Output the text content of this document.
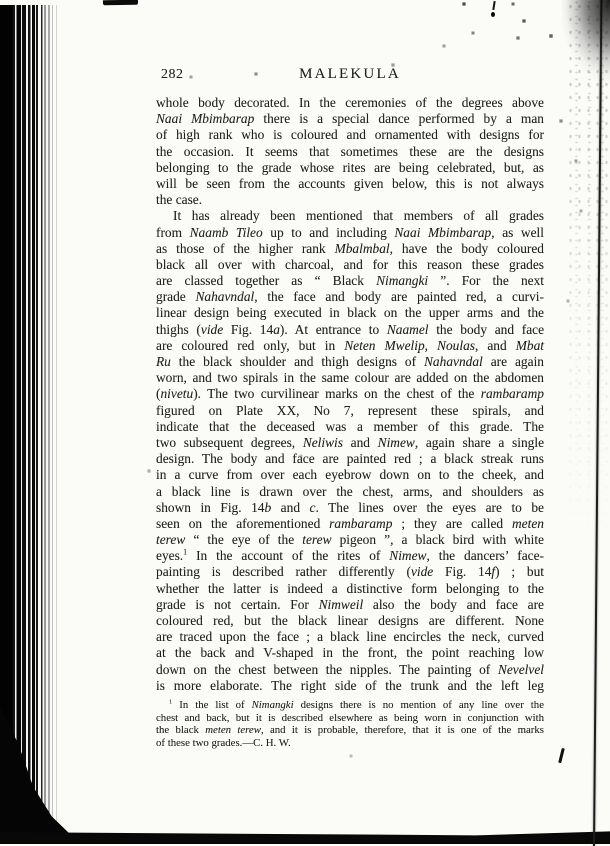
282	MALEKULA
whole body decorated. In the ceremonies of the degrees above
Naai Mbimbarap there is a special dance performed by a man
of high rank who is coloured and ornamented with designs for
the occasion. It seems that sometimes these are the designs
belonging to the grade whose rites are being celebrated, but, as
will be seen from the accounts given below, this is not always
the case.
It has already been mentioned that members of all grades
from Naamb Tileo up to and including Naai Mbimbarap, as well
as those of the higher rank Mbalmbal, have the body coloured
black all over with charcoal, and for this reason these grades
are classed together as “ Black Nimangki ”. For the next
grade Nahavndal, the face and body are painted red, a curvi-
linear design being executed in black on the upper arms and the
thighs (vide Fig. 14a). At entrance to Naamel the body and face
are coloured red only, but in Neten Mwelip, Noulas, and Mbat
Ru the black shoulder and thigh designs of Nahavndal are again
worn, and two spirals in the same colour are added on the abdomen
(nivetu). The two curvilinear marks on the chest of the rambaramp
figured on Plate XX, No 7, represent these spirals, and
indicate that the deceased was a member of this grade. The
two subsequent degrees, Neliwis and Nimew, again share a single
design. The body and face are painted red ; a black streak runs
in a curve from over each eyebrow down on to the cheek, and
a black line is drawn over the chest, arms, and shoulders as
shown in Fig. 14b and c. The lines over the eyes are to be
seen on the aforementioned rambaramp ; they are called meten
terew “ the eye of the terew pigeon ”, a black bird with white
eyes.$^1$ In the account of the rites of Nimew, the dancers’ face-
painting is described rather differently (vide Fig. 14f) ; but
whether the latter is indeed a distinctive form belonging to the
grade is not certain. For Nimweil also the body and face are
coloured red, but the black linear designs are different. None
are traced upon the face ; a black line encircles the neck, curved
at the back and V-shaped in the front, the point reaching low
down on the chest between the nipples. The painting of Nevelvel
is more elaborate. The right side of the trunk and the left leg
$^1$ In the list of Nimangki designs there is no mention of any line over the
chest and back, but it is described elsewhere as being worn in conjunction with
the black meten terew, and it is probable, therefore, that it is one of the marks
of these two grades.—C. H. W.
